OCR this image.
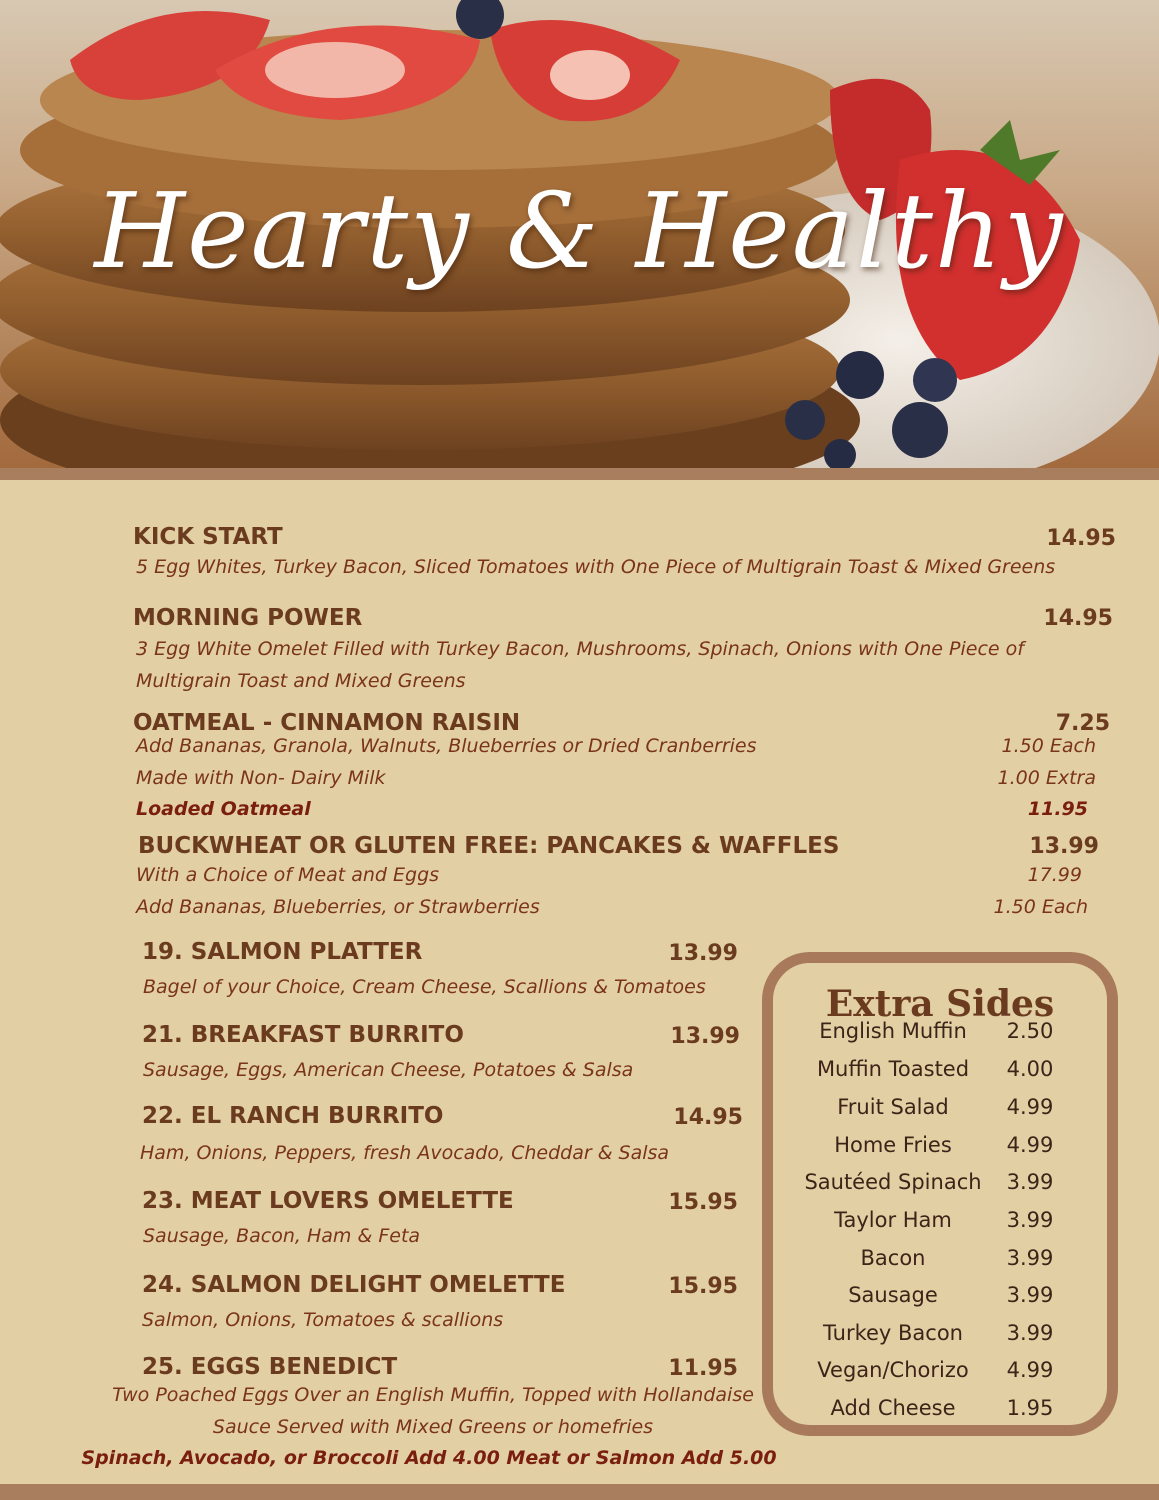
Hearty & Healthy
KICK START	14.95
5 Egg Whites, Turkey Bacon, Sliced Tomatoes with One Piece of Multigrain Toast & Mixed Greens
MORNING POWER	14.95
3 Egg White Omelet Filled with Turkey Bacon, Mushrooms, Spinach, Onions with One Piece of
Multigrain Toast and Mixed Greens
OATMEAL - CINNAMON RAISIN	7.25
Add Bananas, Granola, Walnuts, Blueberries or Dried Cranberries	1.50 Each
Made with Non- Dairy Milk	1.00 Extra
Loaded Oatmeal	11.95
BUCKWHEAT OR GLUTEN FREE: PANCAKES & WAFFLES	13.99
With a Choice of Meat and Eggs	17.99
Add Bananas, Blueberries, or Strawberries	1.50 Each
19. SALMON PLATTER	13.99
Bagel of your Choice, Cream Cheese, Scallions & Tomatoes
21. BREAKFAST BURRITO	13.99
Sausage, Eggs, American Cheese, Potatoes & Salsa
22. EL RANCH BURRITO	14.95
Ham, Onions, Peppers, fresh Avocado, Cheddar & Salsa
23. MEAT LOVERS OMELETTE	15.95
Sausage, Bacon, Ham & Feta
24. SALMON DELIGHT OMELETTE	15.95
Salmon, Onions, Tomatoes & scallions
25. EGGS BENEDICT	11.95
Two Poached Eggs Over an English Muffin, Topped with Hollandaise
Sauce Served with Mixed Greens or homefries
Spinach, Avocado, or Broccoli Add 4.00 Meat or Salmon Add 5.00
Extra Sides
English Muffin	2.50
Muffin Toasted	4.00
Fruit Salad	4.99
Home Fries	4.99
Sautéed Spinach	3.99
Taylor Ham	3.99
Bacon	3.99
Sausage	3.99
Turkey Bacon	3.99
Vegan/Chorizo	4.99
Add Cheese	1.95
